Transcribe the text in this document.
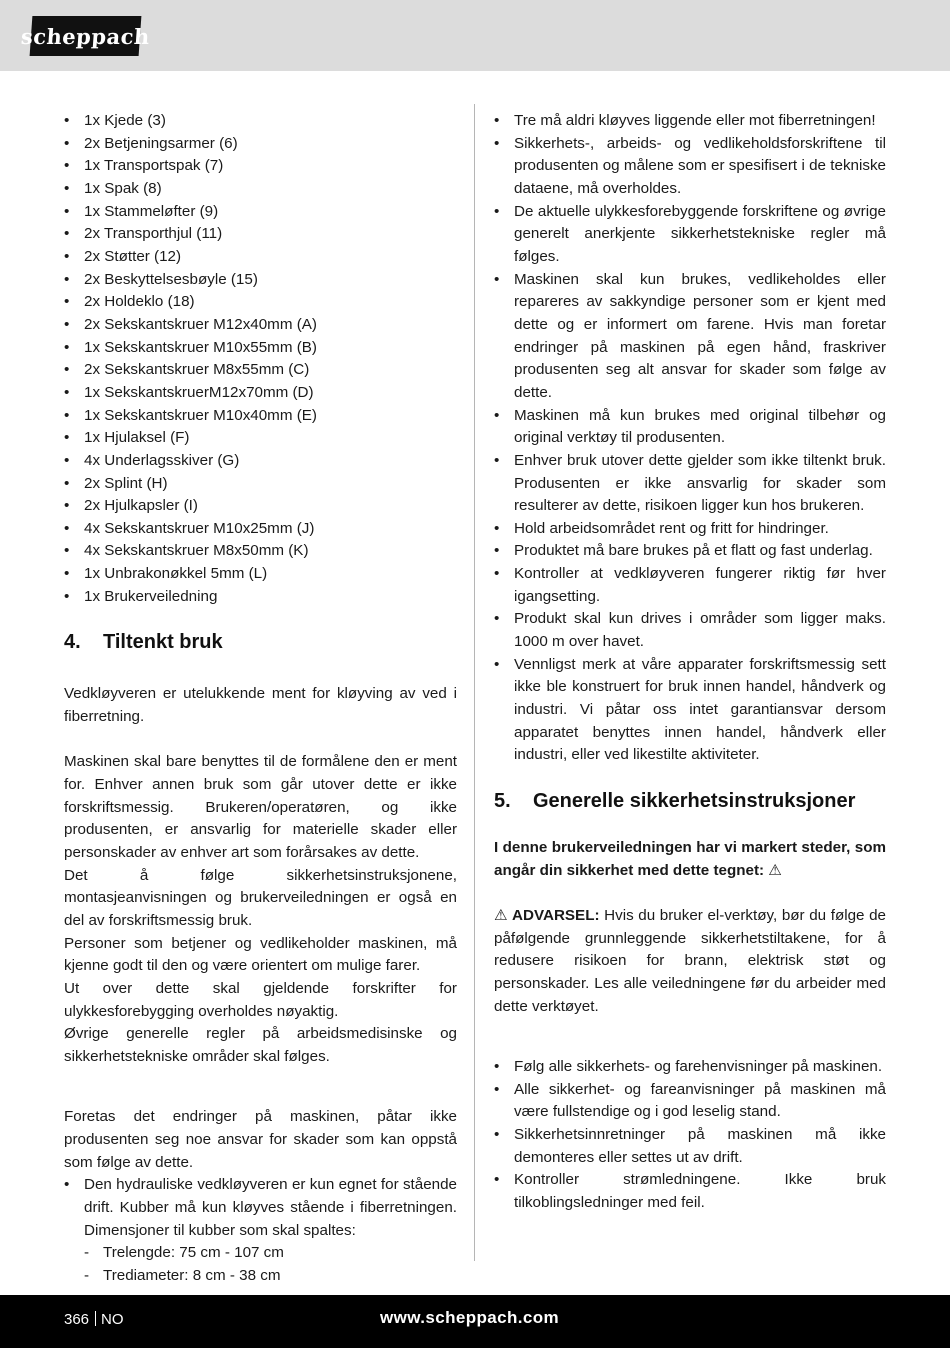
scheppach
• 1x Kjede (3)
• 2x Betjeningsarmer (6)
• 1x Transportspak (7)
• 1x Spak (8)
• 1x Stammeløfter (9)
• 2x Transporthjul (11)
• 2x Støtter (12)
• 2x Beskyttelsesbøyle (15)
• 2x Holdeklo (18)
• 2x Sekskantskruer M12x40mm (A)
• 1x Sekskantskruer M10x55mm (B)
• 2x Sekskantskruer M8x55mm (C)
• 1x SekskantskruerM12x70mm (D)
• 1x Sekskantskruer M10x40mm (E)
• 1x Hjulaksel (F)
• 4x Underlagsskiver (G)
• 2x Splint (H)
• 2x Hjulkapsler (I)
• 4x Sekskantskruer M10x25mm (J)
• 4x Sekskantskruer M8x50mm (K)
• 1x Unbrakonøkkel 5mm (L)
• 1x Brukerveiledning
4.	Tiltenkt bruk

Vedkløyveren er utelukkende ment for kløyving av ved i fiberretning.

Maskinen skal bare benyttes til de formålene den er ment for. Enhver annen bruk som går utover dette er ikke forskriftsmessig. Brukeren/operatøren, og ikke produsenten, er ansvarlig for materielle skader eller personskader av enhver art som forårsakes av dette.

Det å følge sikkerhetsinstruksjonene, montasjeanvisningen og brukerveiledningen er også en del av forskriftsmessig bruk.

Personer som betjener og vedlikeholder maskinen, må kjenne godt til den og være orientert om mulige farer.

Ut over dette skal gjeldende forskrifter for ulykkesforebygging overholdes nøyaktig.

Øvrige generelle regler på arbeidsmedisinske og sikkerhetstekniske områder skal følges.

Foretas det endringer på maskinen, påtar ikke produsenten seg noe ansvar for skader som kan oppstå som følge av dette.

• Den hydrauliske vedkløyveren er kun egnet for stående drift. Kubber må kun kløyves stående i fiberretningen. Dimensjoner til kubber som skal spaltes:
- Trelengde: 75 cm - 107 cm
- Trediameter: 8 cm - 38 cm
• Tre må aldri kløyves liggende eller mot fiberretningen!
• Sikkerhets-, arbeids- og vedlikeholdsforskriftene til produsenten og målene som er spesifisert i de tekniske dataene, må overholdes.
• De aktuelle ulykkesforebyggende forskriftene og øvrige generelt anerkjente sikkerhetstekniske regler må følges.
• Maskinen skal kun brukes, vedlikeholdes eller repareres av sakkyndige personer som er kjent med dette og er informert om farene. Hvis man foretar endringer på maskinen på egen hånd, fraskriver produsenten seg alt ansvar for skader som følge av dette.
• Maskinen må kun brukes med original tilbehør og original verktøy til produsenten.
• Enhver bruk utover dette gjelder som ikke tiltenkt bruk. Produsenten er ikke ansvarlig for skader som resulterer av dette, risikoen ligger kun hos brukeren.
• Hold arbeidsområdet rent og fritt for hindringer.
• Produktet må bare brukes på et flatt og fast underlag.
• Kontroller at vedkløyveren fungerer riktig før hver igangsetting.
• Produkt skal kun drives i områder som ligger maks. 1000 m over havet.
• Vennligst merk at våre apparater forskriftsmessig sett ikke ble konstruert for bruk innen handel, håndverk og industri. Vi påtar oss intet garantiansvar dersom apparatet benyttes innen handel, håndverk eller industri, eller ved likestilte aktiviteter.
5.	Generelle sikkerhetsinstruksjoner

I denne brukerveiledningen har vi markert steder, som angår din sikkerhet med dette tegnet: ⚠

⚠ ADVARSEL: Hvis du bruker el-verktøy, bør du følge de påfølgende grunnleggende sikkerhetstiltakene, for å redusere risikoen for brann, elektrisk støt og personskader. Les alle veiledningene før du arbeider med dette verktøyet.

• Følg alle sikkerhets- og farehenvisninger på maskinen.
• Alle sikkerhet- og fareanvisninger på maskinen må være fullstendige og i god leselig stand.
• Sikkerhetsinnretninger på maskinen må ikke demonteres eller settes ut av drift.
• Kontroller strømledningene. Ikke bruk tilkoblingsledninger med feil.
366 NO	www.scheppach.com
